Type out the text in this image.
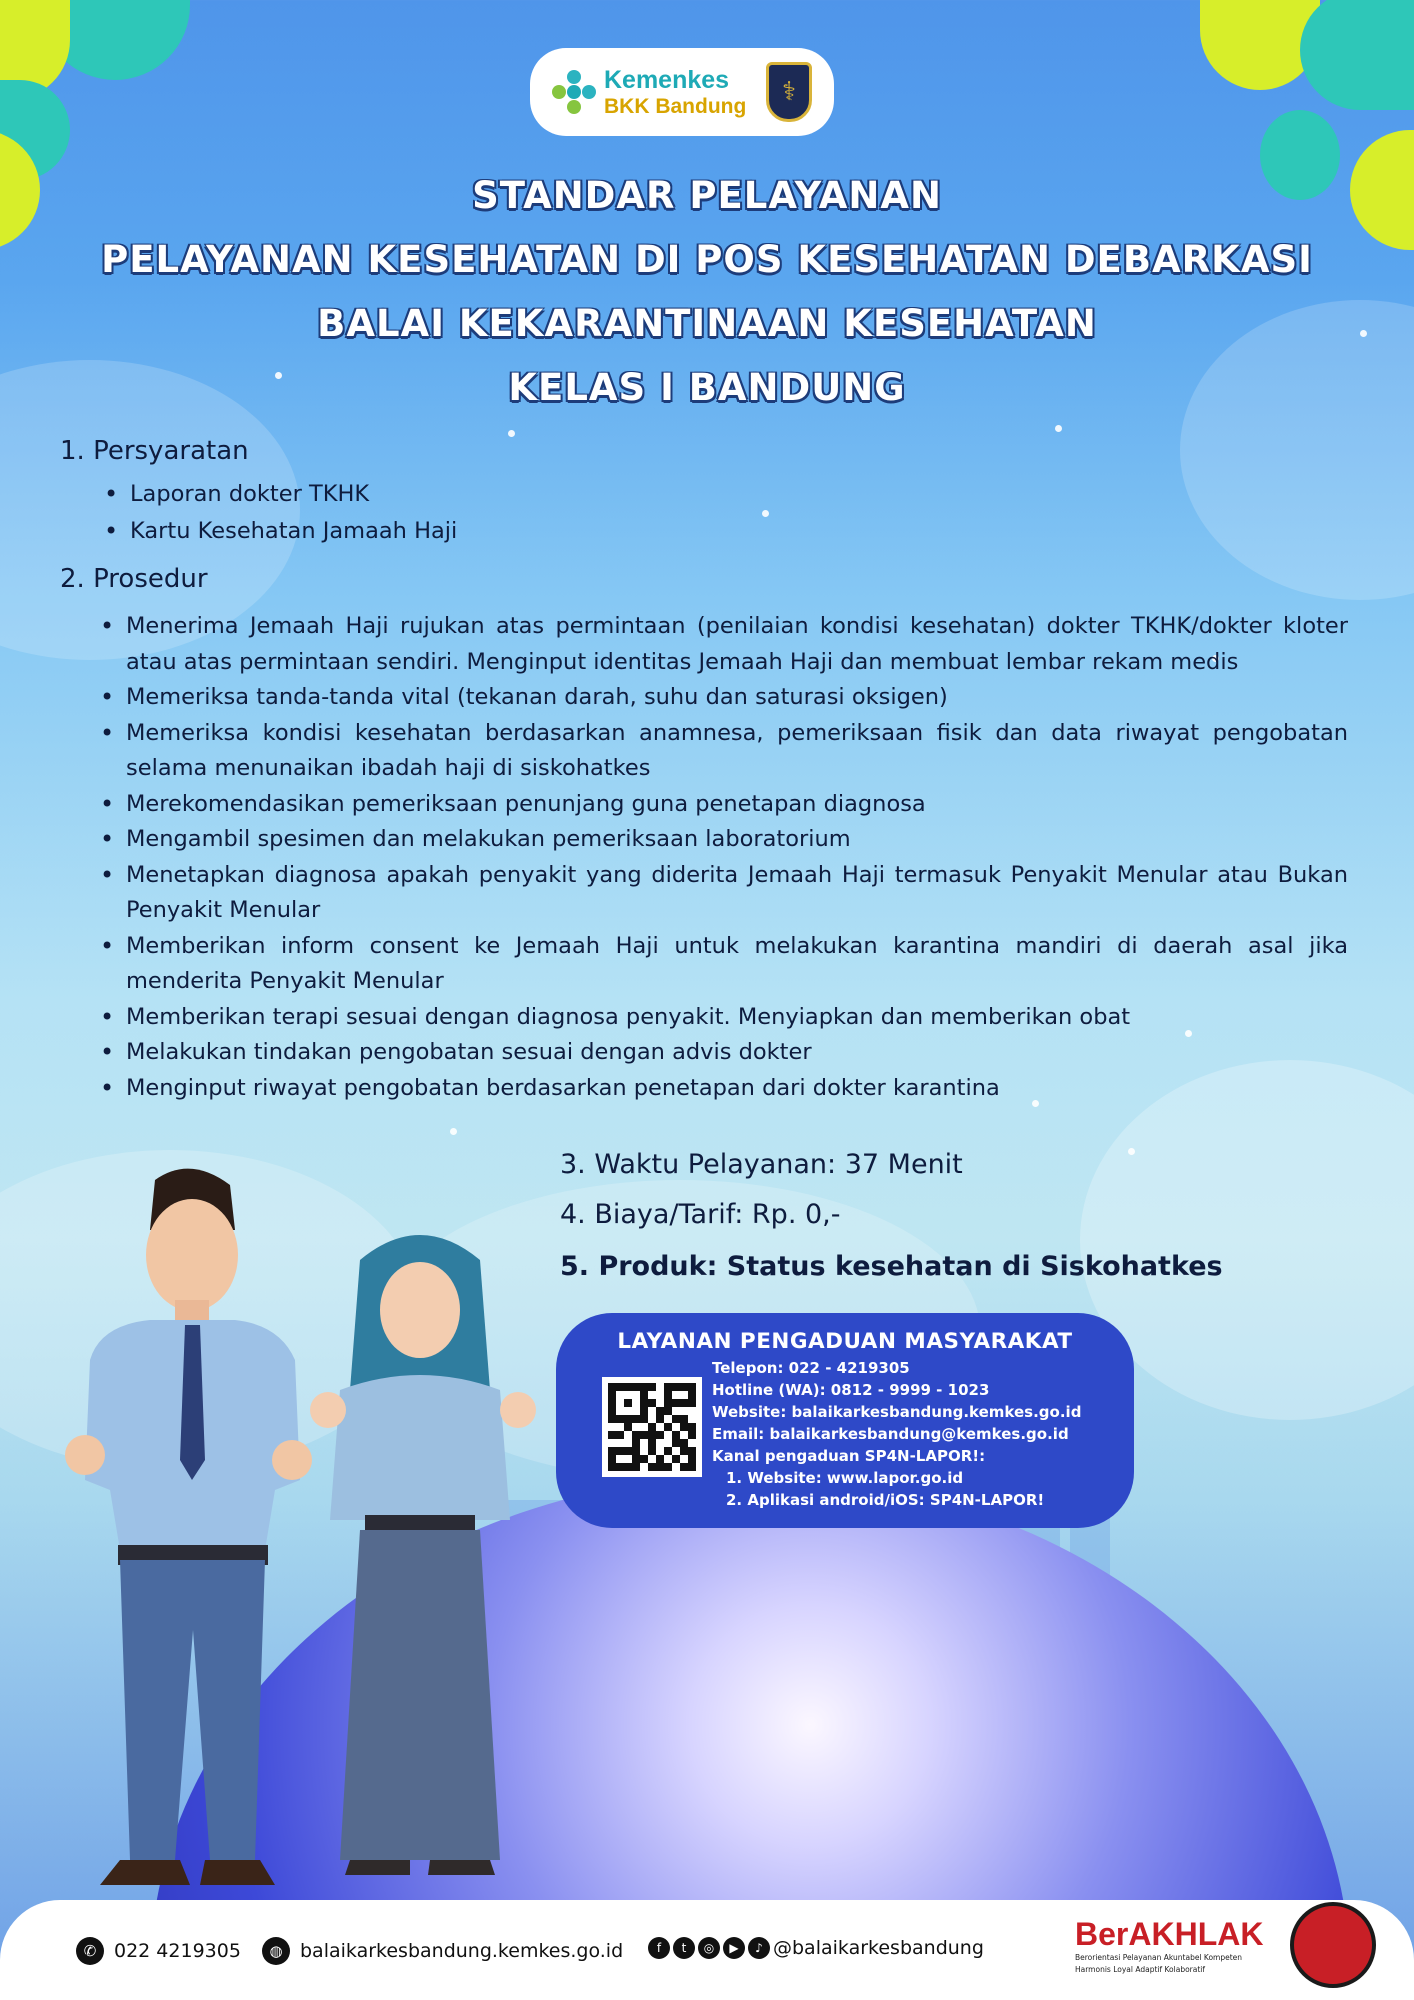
Kemenkes
BKK Bandung	⚕
STANDAR PELAYANAN
PELAYANAN KESEHATAN DI POS KESEHATAN DEBARKASI
BALAI KEKARANTINAAN KESEHATAN
KELAS I BANDUNG
1. Persyaratan
• Laporan dokter TKHK
• Kartu Kesehatan Jamaah Haji
2. Prosedur
• Menerima Jemaah Haji rujukan atas permintaan (penilaian kondisi kesehatan) dokter TKHK/dokter kloter atau atas permintaan sendiri. Menginput identitas Jemaah Haji dan membuat lembar rekam medis
• Memeriksa tanda-tanda vital (tekanan darah, suhu dan saturasi oksigen)
• Memeriksa kondisi kesehatan berdasarkan anamnesa, pemeriksaan fisik dan data riwayat pengobatan selama menunaikan ibadah haji di siskohatkes
• Merekomendasikan pemeriksaan penunjang guna penetapan diagnosa
• Mengambil spesimen dan melakukan pemeriksaan laboratorium
• Menetapkan diagnosa apakah penyakit yang diderita Jemaah Haji termasuk Penyakit Menular atau Bukan Penyakit Menular
• Memberikan inform consent ke Jemaah Haji untuk melakukan karantina mandiri di daerah asal jika menderita Penyakit Menular
• Memberikan terapi sesuai dengan diagnosa penyakit. Menyiapkan dan memberikan obat
• Melakukan tindakan pengobatan sesuai dengan advis dokter
• Menginput riwayat pengobatan berdasarkan penetapan dari dokter karantina
3. Waktu Pelayanan: 37 Menit
4. Biaya/Tarif: Rp. 0,-
5. Produk: Status kesehatan di Siskohatkes
LAYANAN PENGADUAN MASYARAKAT
Telepon: 022 - 4219305
Hotline (WA): 0812 - 9999 - 1023
Website: balaikarkesbandung.kemkes.go.id
Email: balaikarkesbandung@kemkes.go.id
Kanal pengaduan SP4N-LAPOR!:
1. Website: www.lapor.go.id
2. Aplikasi android/iOS: SP4N-LAPOR!
✆ 022 4219305	◍ balaikarkesbandung.kemkes.go.id	f	t	◎	▶	♪ @balaikarkesbandung	BerAKHLAK
Berorientasi Pelayanan Akuntabel Kompeten
Harmonis Loyal Adaptif Kolaboratif
